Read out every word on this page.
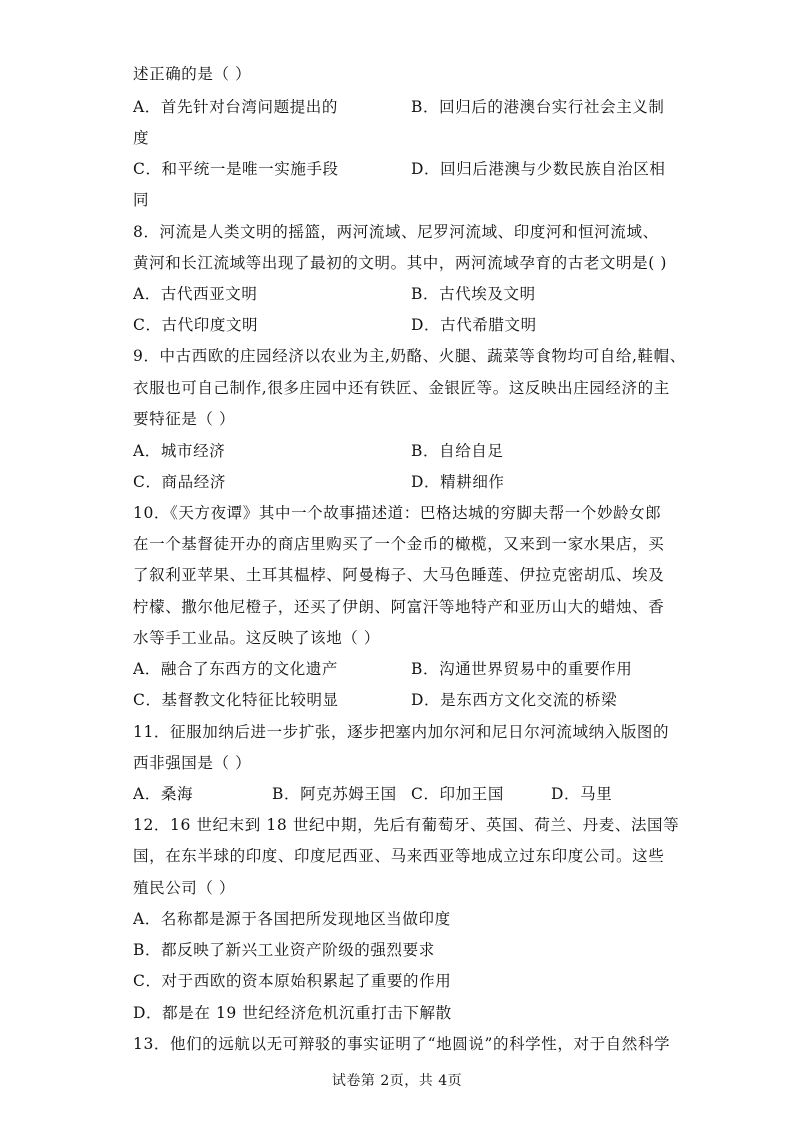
述正确的是（ ）
A．首先针对台湾问题提出的	B．回归后的港澳台实行社会主义制
度
C．和平统一是唯一实施手段	D．回归后港澳与少数民族自治区相
同
8．河流是人类文明的摇篮，两河流域、尼罗河流域、印度河和恒河流域、
黄河和长江流域等出现了最初的文明。其中，两河流域孕育的古老文明是( )
A．古代西亚文明	B．古代埃及文明
C．古代印度文明	D．古代希腊文明
9．中古西欧的庄园经济以农业为主,奶酪、火腿、蔬菜等食物均可自给,鞋帽、
衣服也可自己制作,很多庄园中还有铁匠、金银匠等。这反映出庄园经济的主
要特征是（ ）
A．城市经济	B．自给自足
C．商品经济	D．精耕细作
10．《天方夜谭》其中一个故事描述道：巴格达城的穷脚夫帮一个妙龄女郎
在一个基督徒开办的商店里购买了一个金币的橄榄，又来到一家水果店，买
了叙利亚苹果、土耳其榅桲、阿曼梅子、大马色睡莲、伊拉克密胡瓜、埃及
柠檬、撒尔他尼橙子，还买了伊朗、阿富汗等地特产和亚历山大的蜡烛、香
水等手工业品。这反映了该地（ ）
A．融合了东西方的文化遗产	B．沟通世界贸易中的重要作用
C．基督教文化特征比较明显	D．是东西方文化交流的桥梁
11．征服加纳后进一步扩张，逐步把塞内加尔河和尼日尔河流域纳入版图的
西非强国是（ ）
A．桑海	B．阿克苏姆王国 C．印加王国	D．马里
12．16 世纪末到 18 世纪中期，先后有葡萄牙、英国、荷兰、丹麦、法国等
国，在东半球的印度、印度尼西亚、马来西亚等地成立过东印度公司。这些
殖民公司（ ）
A．名称都是源于各国把所发现地区当做印度
B．都反映了新兴工业资产阶级的强烈要求
C．对于西欧的资本原始积累起了重要的作用
D．都是在 19 世纪经济危机沉重打击下解散
13．他们的远航以无可辩驳的事实证明了“地圆说”的科学性，对于自然科学
试卷第 2页，共 4页
